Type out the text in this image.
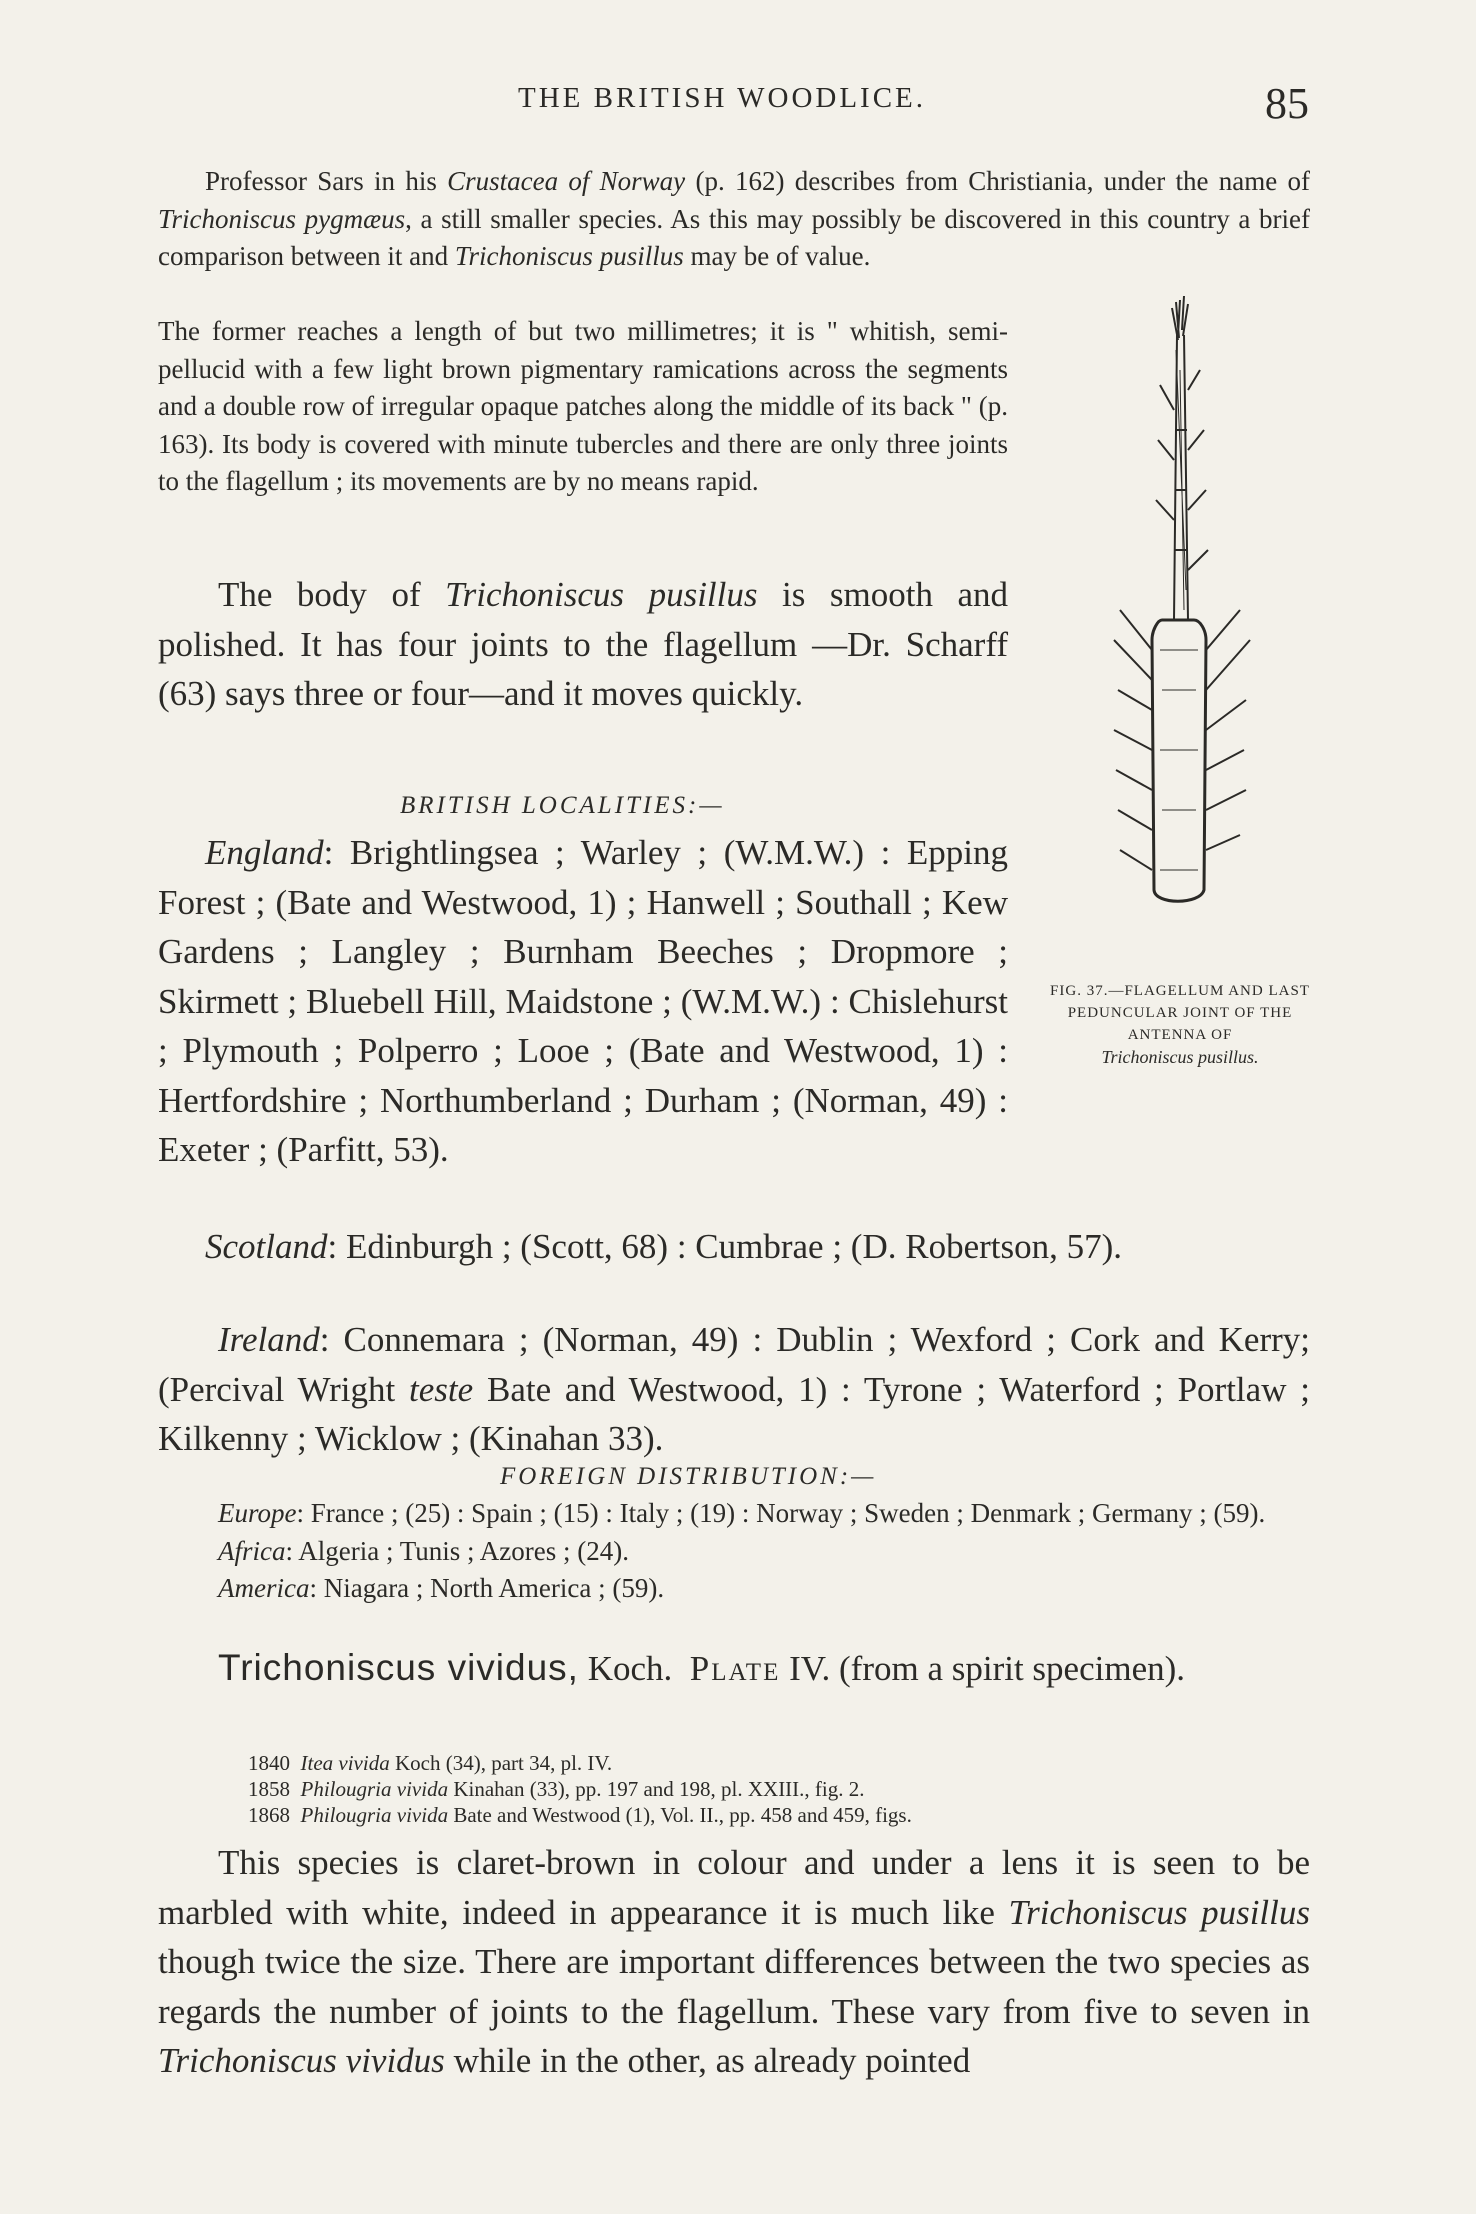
THE BRITISH WOODLICE.	85

Professor Sars in his Crustacea of Norway (p. 162) describes from Christiania, under the name of Trichoniscus pygmæus, a still smaller species. As this may possibly be discovered in this country a brief comparison between it and Trichoniscus pusillus may be of value.

The former reaches a length of but two millimetres; it is " whitish, semi-pellucid with a few light brown pigmentary ramications across the segments and a double row of irregular opaque patches along the middle of its back " (p. 163). Its body is covered with minute tubercles and there are only three joints to the flagellum ; its movements are by no means rapid.

The body of Trichoniscus pusillus is smooth and polished. It has four joints to the flagellum —Dr. Scharff (63) says three or four—and it moves quickly.

BRITISH LOCALITIES:—

England: Brightlingsea ; Warley ; (W.M.W.) : Epping Forest ; (Bate and Westwood, 1) ; Hanwell ; Southall ; Kew Gardens ; Langley ; Burnham Beeches ; Dropmore ; Skirmett ; Bluebell Hill, Maidstone ; (W.M.W.) : Chislehurst ; Plymouth ; Polperro ; Looe ; (Bate and Westwood, 1) : Hertfordshire ; Northumberland ; Durham ; (Norman, 49) : Exeter ; (Parfitt, 53).

FIG. 37.—FLAGELLUM AND LAST PEDUNCULAR JOINT OF THE ANTENNA OF
Trichoniscus pusillus.

Scotland: Edinburgh ; (Scott, 68) : Cumbrae ; (D. Robertson, 57).

Ireland: Connemara ; (Norman, 49) : Dublin ; Wexford ; Cork and Kerry; (Percival Wright teste Bate and Westwood, 1) : Tyrone ; Waterford ; Portlaw ; Kilkenny ; Wicklow ; (Kinahan 33).

FOREIGN DISTRIBUTION:—

Europe: France ; (25) : Spain ; (15) : Italy ; (19) : Norway ; Sweden ; Denmark ; Germany ; (59).

Africa: Algeria ; Tunis ; Azores ; (24).

America: Niagara ; North America ; (59).

Trichoniscus vividus, Koch. Plate IV. (from a spirit specimen).

1840 Itea vivida Koch (34), part 34, pl. IV.
1858 Philougria vivida Kinahan (33), pp. 197 and 198, pl. XXIII., fig. 2.
1868 Philougria vivida Bate and Westwood (1), Vol. II., pp. 458 and 459, figs.

This species is claret-brown in colour and under a lens it is seen to be marbled with white, indeed in appearance it is much like Trichoniscus pusillus though twice the size. There are important differences between the two species as regards the number of joints to the flagellum. These vary from five to seven in Trichoniscus vividus while in the other, as already pointed
